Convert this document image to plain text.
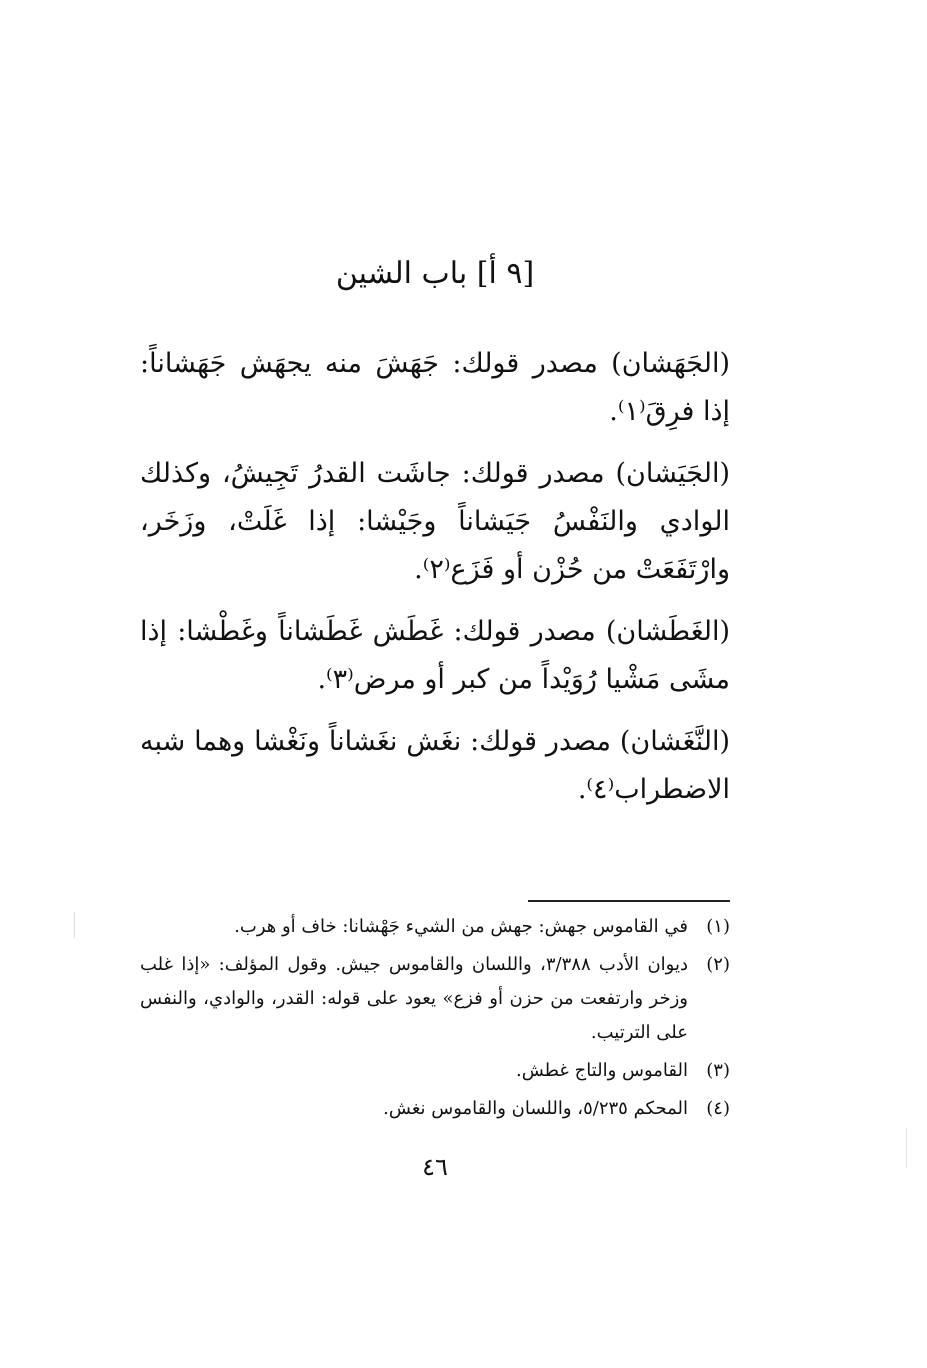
[٩ أ] باب الشين

(الجَهَشان) مصدر قولك: جَهَشَ منه يجهَش جَهَشاناً: إذا فرِقَ⁽١⁾.

(الجَيَشان) مصدر قولك: جاشَت القدرُ تَجِيشُ، وكذلك الوادي والنَفْسُ جَيَشاناً وجَيْشا: إذا غَلَتْ، وزَخَر، وارْتَفَعَتْ من حُزْن أو فَزَع⁽٢⁾.

(الغَطَشان) مصدر قولك: غَطَش غَطَشاناً وغَطْشا: إذا مشَى مَشْيا رُوَيْداً من كبر أو مرض⁽٣⁾.

(النَّغَشان) مصدر قولك: نغَش نغَشاناً ونَغْشا وهما شبه الاضطراب⁽٤⁾.

(١)
في القاموس جهش: جهش من الشيء جَهْشانا: خاف أو هرب.
(٢)
ديوان الأدب ٣/٣٨٨، واللسان والقاموس جيش. وقول المؤلف: «إذا غلب وزخر وارتفعت من حزن أو فزع» يعود على قوله: القدر، والوادي، والنفس على الترتيب.
(٣)
القاموس والتاج غطش.
(٤)
المحكم ٥/٢٣٥، واللسان والقاموس نغش.
٤٦
